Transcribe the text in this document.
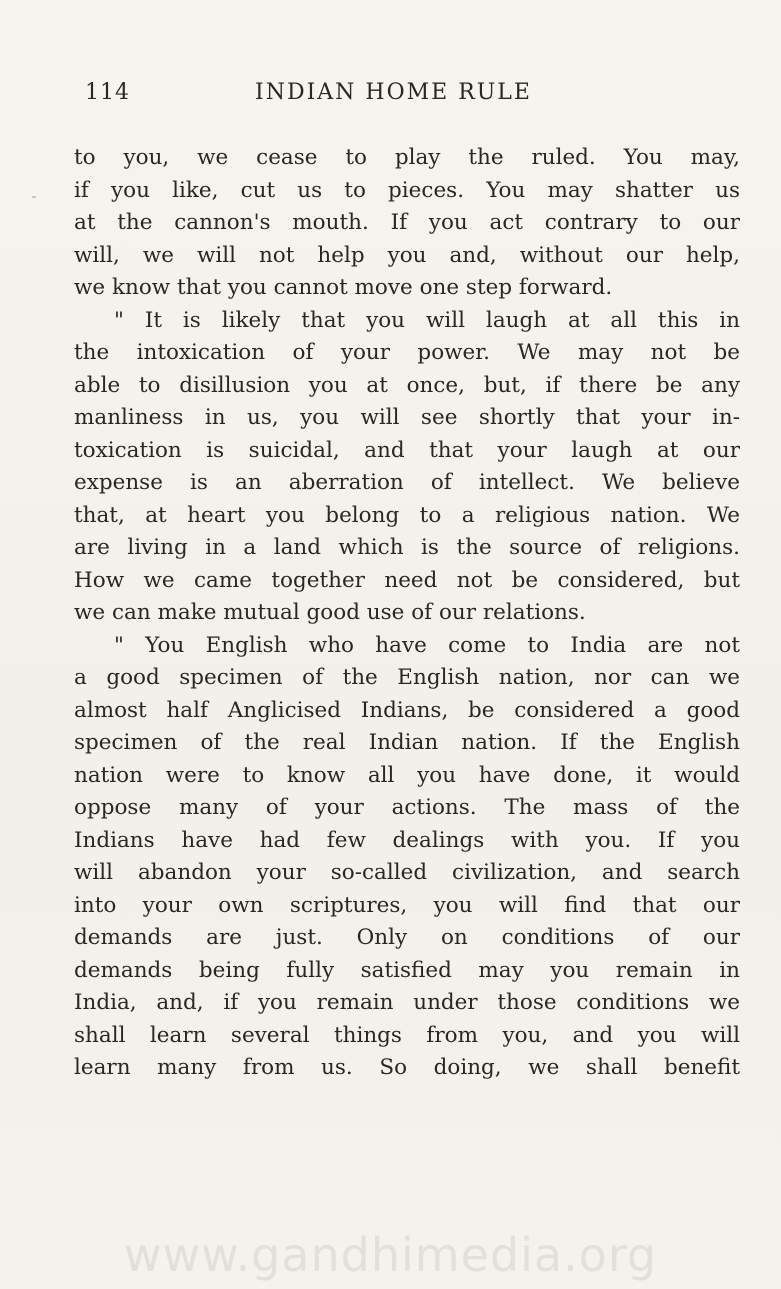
114	INDIAN HOME RULE
to you, we cease to play the ruled. You may,
if you like, cut us to pieces. You may shatter us
at the cannon's mouth. If you act contrary to our
will, we will not help you and, without our help,
we know that you cannot move one step forward.
" It is likely that you will laugh at all this in
the intoxication of your power. We may not be
able to disillusion you at once, but, if there be any
manliness in us, you will see shortly that your in-
toxication is suicidal, and that your laugh at our
expense is an aberration of intellect. We believe
that, at heart you belong to a religious nation. We
are living in a land which is the source of religions.
How we came together need not be considered, but
we can make mutual good use of our relations.
" You English who have come to India are not
a good specimen of the English nation, nor can we
almost half Anglicised Indians, be considered a good
specimen of the real Indian nation. If the English
nation were to know all you have done, it would
oppose many of your actions. The mass of the
Indians have had few dealings with you. If you
will abandon your so-called civilization, and search
into your own scriptures, you will find that our
demands are just. Only on conditions of our
demands being fully satisfied may you remain in
India, and, if you remain under those conditions we
shall learn several things from you, and you will
learn many from us. So doing, we shall benefit
www.gandhimedia.org
